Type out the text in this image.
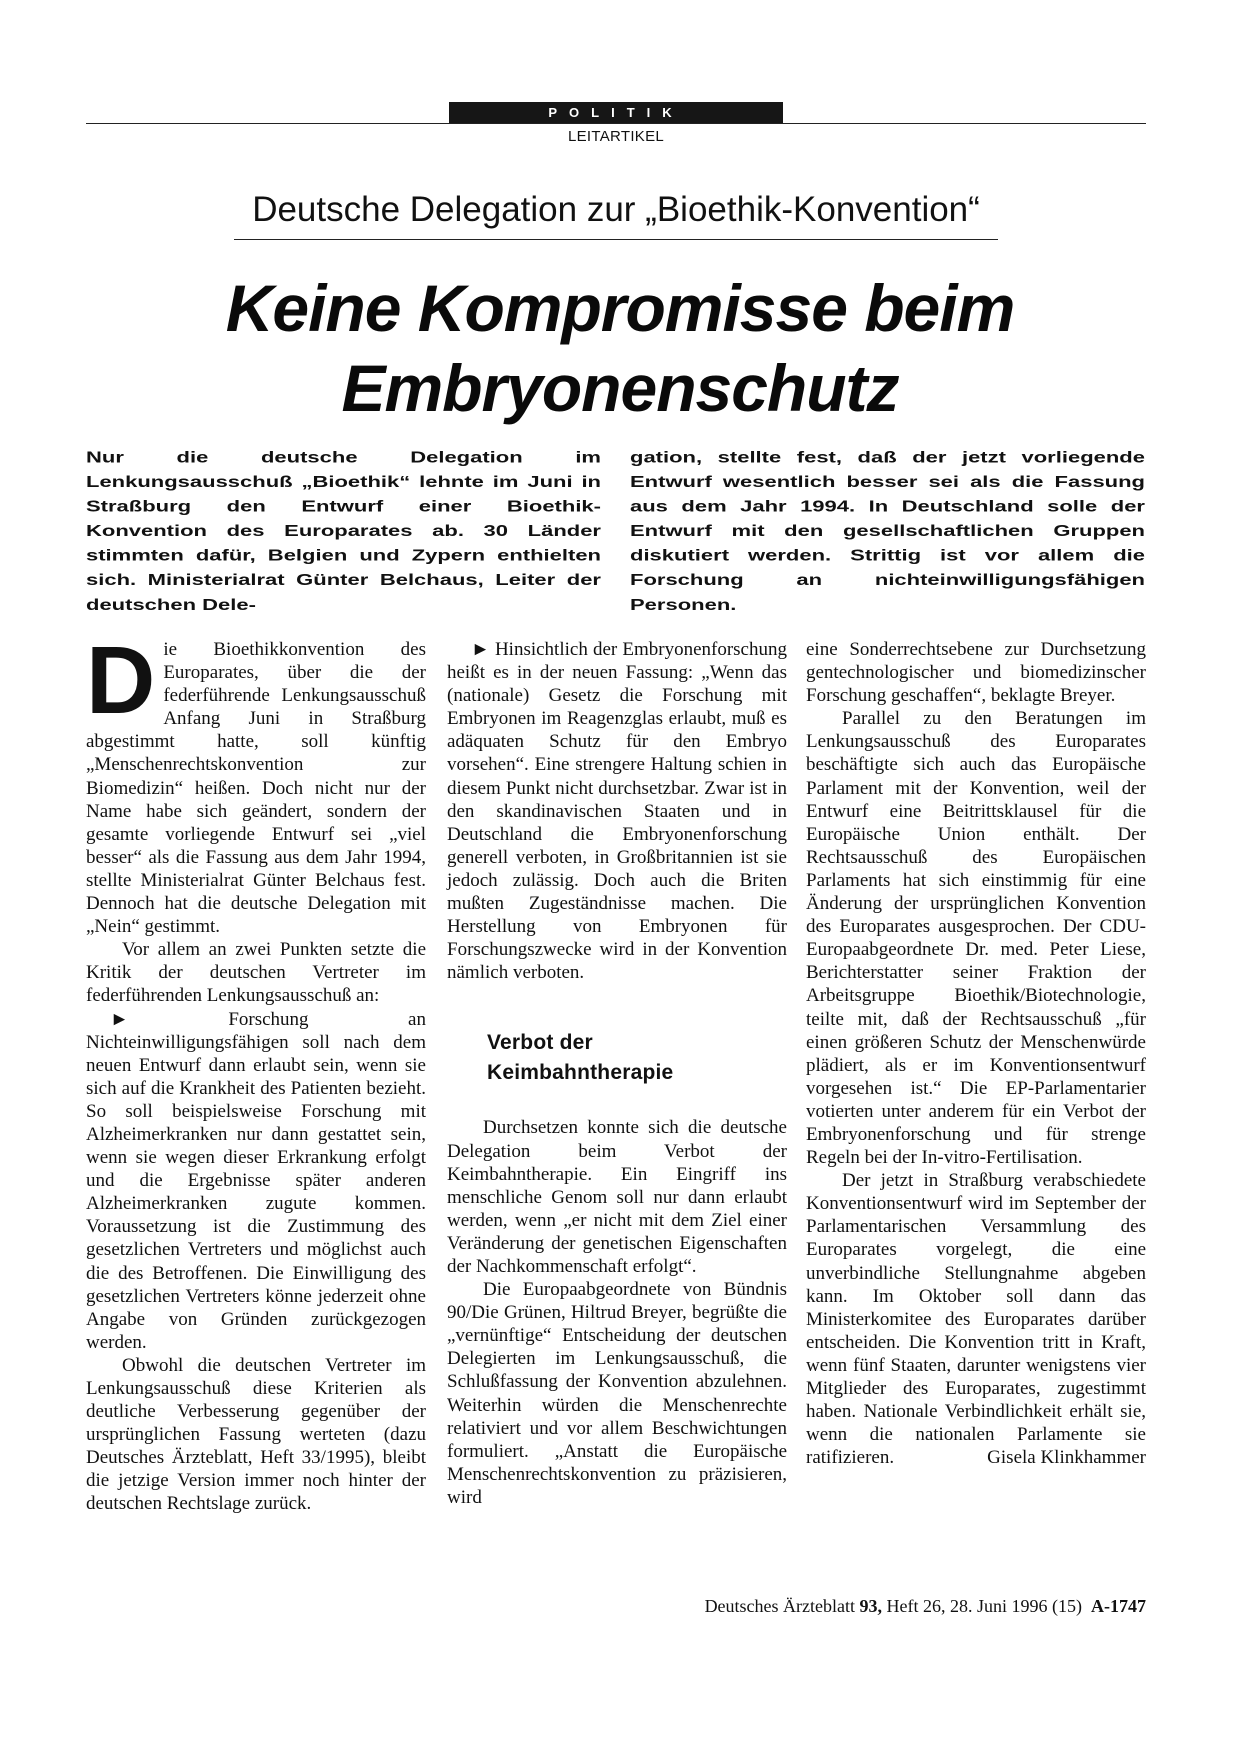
POLITIK
LEITARTIKEL
Deutsche Delegation zur „Bioethik-Konvention“
Keine Kompromisse beim
Embryonenschutz
Nur die deutsche Delegation im Lenkungsausschuß „Bioethik“ lehnte im Juni in Straßburg den Entwurf einer Bioethik-Konvention des Europarates ab. 30 Länder stimmten dafür, Belgien und Zypern enthielten sich. Ministerialrat Günter Belchaus, Leiter der deutschen Dele-
gation, stellte fest, daß der jetzt vorliegende Entwurf wesentlich besser sei als die Fassung aus dem Jahr 1994. In Deutschland solle der Entwurf mit den gesellschaftlichen Gruppen diskutiert werden. Strittig ist vor allem die Forschung an nichteinwilligungsfähigen Personen.

Die Bioethikkonvention des Europarates, über die der federführende Lenkungsausschuß Anfang Juni in Straßburg abgestimmt hatte, soll künftig „Menschenrechtskonvention zur Biomedizin“ heißen. Doch nicht nur der Name habe sich geändert, sondern der gesamte vorliegende Entwurf sei „viel besser“ als die Fassung aus dem Jahr 1994, stellte Ministerialrat Günter Belchaus fest. Dennoch hat die deutsche Delegation mit „Nein“ gestimmt.

Vor allem an zwei Punkten setzte die Kritik der deutschen Vertreter im federführenden Lenkungsausschuß an:

► Forschung an Nichteinwilligungsfähigen soll nach dem neuen Entwurf dann erlaubt sein, wenn sie sich auf die Krankheit des Patienten bezieht. So soll beispielsweise Forschung mit Alzheimerkranken nur dann gestattet sein, wenn sie wegen dieser Erkrankung erfolgt und die Ergebnisse später anderen Alzheimerkranken zugute kommen. Voraussetzung ist die Zustimmung des gesetzlichen Vertreters und möglichst auch die des Betroffenen. Die Einwilligung des gesetzlichen Vertreters könne jederzeit ohne Angabe von Gründen zurückgezogen werden.

Obwohl die deutschen Vertreter im Lenkungsausschuß diese Kriterien als deutliche Verbesserung gegenüber der ursprünglichen Fassung werteten (dazu Deutsches Ärzteblatt, Heft 33/1995), bleibt die jetzige Version immer noch hinter der deutschen Rechtslage zurück.

► Hinsichtlich der Embryonenforschung heißt es in der neuen Fassung: „Wenn das (nationale) Gesetz die Forschung mit Embryonen im Reagenzglas erlaubt, muß es adäquaten Schutz für den Embryo vorsehen“. Eine strengere Haltung schien in diesem Punkt nicht durchsetzbar. Zwar ist in den skandinavischen Staaten und in Deutschland die Embryonenforschung generell verboten, in Großbritannien ist sie jedoch zulässig. Doch auch die Briten mußten Zugeständnisse machen. Die Herstellung von Embryonen für Forschungszwecke wird in der Konvention nämlich verboten.

Verbot der
Keimbahntherapie

Durchsetzen konnte sich die deutsche Delegation beim Verbot der Keimbahntherapie. Ein Eingriff ins menschliche Genom soll nur dann erlaubt werden, wenn „er nicht mit dem Ziel einer Veränderung der genetischen Eigenschaften der Nachkommenschaft erfolgt“.

Die Europaabgeordnete von Bündnis 90/Die Grünen, Hiltrud Breyer, begrüßte die „vernünftige“ Entscheidung der deutschen Delegierten im Lenkungsausschuß, die Schlußfassung der Konvention abzulehnen. Weiterhin würden die Menschenrechte relativiert und vor allem Beschwichtungen formuliert. „Anstatt die Europäische Menschenrechtskonvention zu präzisieren, wird

eine Sonderrechtsebene zur Durchsetzung gentechnologischer und biomedizinscher Forschung geschaffen“, beklagte Breyer.

Parallel zu den Beratungen im Lenkungsausschuß des Europarates beschäftigte sich auch das Europäische Parlament mit der Konvention, weil der Entwurf eine Beitrittsklausel für die Europäische Union enthält. Der Rechtsausschuß des Europäischen Parlaments hat sich einstimmig für eine Änderung der ursprünglichen Konvention des Europarates ausgesprochen. Der CDU-Europaabgeordnete Dr. med. Peter Liese, Berichterstatter seiner Fraktion der Arbeitsgruppe Bioethik/Biotechnologie, teilte mit, daß der Rechtsausschuß „für einen größeren Schutz der Menschenwürde plädiert, als er im Konventionsentwurf vorgesehen ist.“ Die EP-Parlamentarier votierten unter anderem für ein Verbot der Embryonenforschung und für strenge Regeln bei der In-vitro-Fertilisation.

Der jetzt in Straßburg verabschiedete Konventionsentwurf wird im September der Parlamentarischen Versammlung des Europarates vorgelegt, die eine unverbindliche Stellungnahme abgeben kann. Im Oktober soll dann das Ministerkomitee des Europarates darüber entscheiden. Die Konvention tritt in Kraft, wenn fünf Staaten, darunter wenigstens vier Mitglieder des Europarates, zugestimmt haben. Nationale Verbindlichkeit erhält sie, wenn die nationalen Parlamente sie ratifizieren.	Gisela Klinkhammer

Deutsches Ärzteblatt 93, Heft 26, 28. Juni 1996 (15) A-1747
